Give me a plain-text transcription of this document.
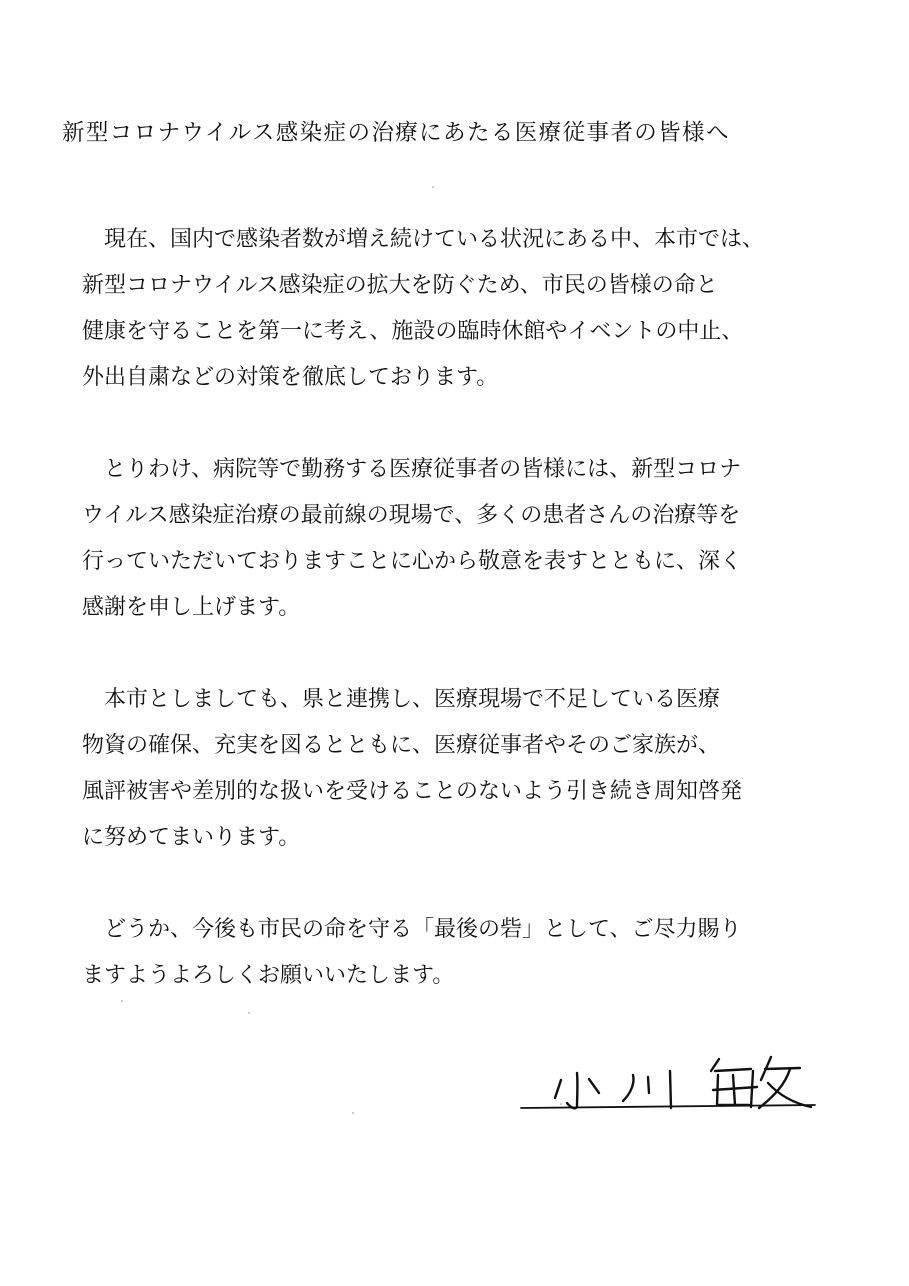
新型コロナウイルス感染症の治療にあたる医療従事者の皆様へ
　現在、国内で感染者数が増え続けている状況にある中、本市では、
新型コロナウイルス感染症の拡大を防ぐため、市民の皆様の命と
健康を守ることを第一に考え、施設の臨時休館やイベントの中止、
外出自粛などの対策を徹底しております。
　とりわけ、病院等で勤務する医療従事者の皆様には、新型コロナ
ウイルス感染症治療の最前線の現場で、多くの患者さんの治療等を
行っていただいておりますことに心から敬意を表すとともに、深く
感謝を申し上げます。
　本市としましても、県と連携し、医療現場で不足している医療
物資の確保、充実を図るとともに、医療従事者やそのご家族が、
風評被害や差別的な扱いを受けることのないよう引き続き周知啓発
に努めてまいります。
　どうか、今後も市民の命を守る「最後の砦」として、ご尽力賜り
ますようよろしくお願いいたします。
